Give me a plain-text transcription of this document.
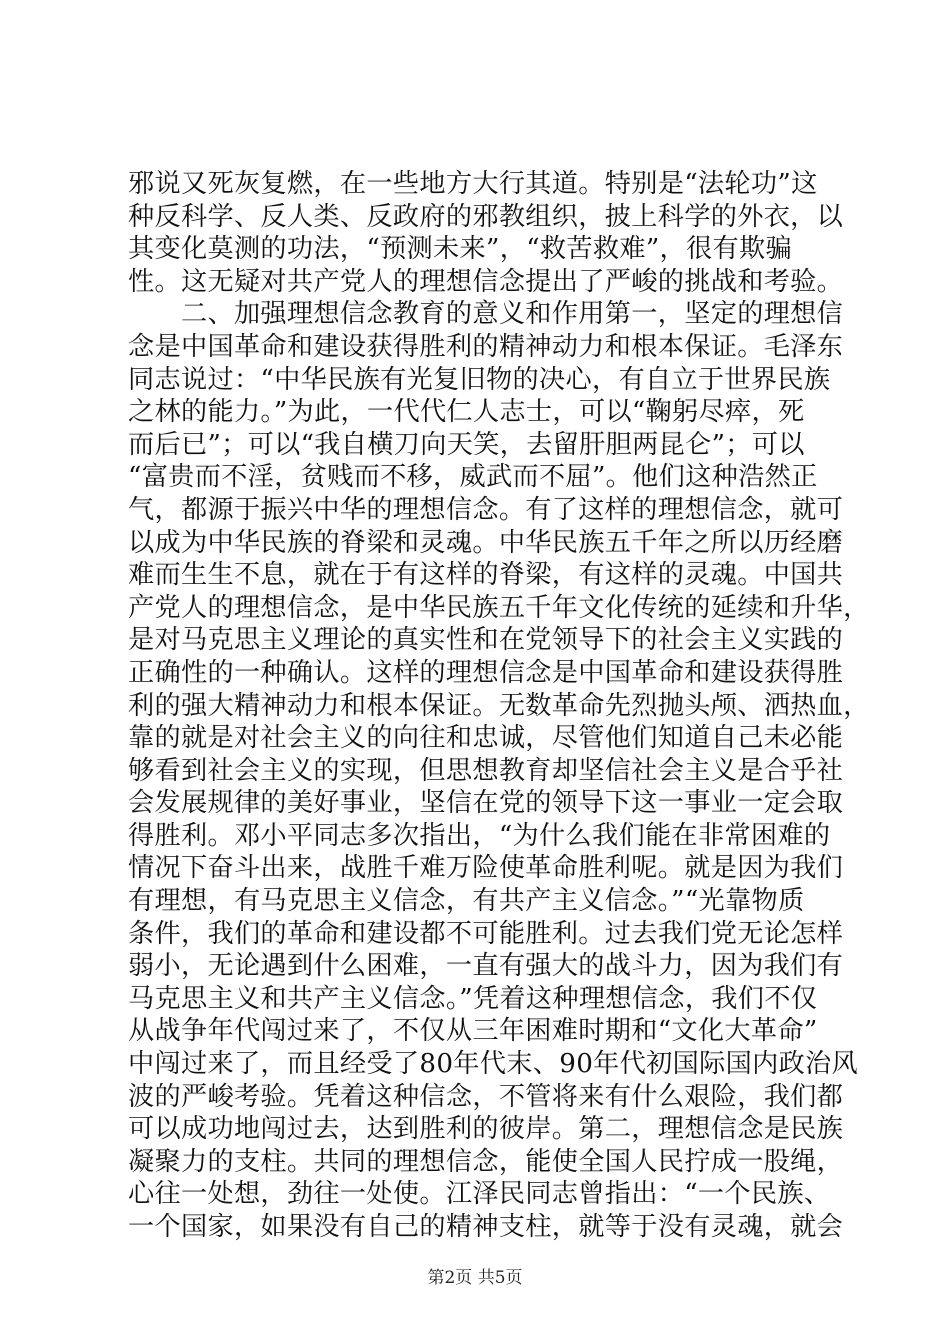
邪说又死灰复燃，在一些地方大行其道。特别是“法轮功”这
种反科学、反人类、反政府的邪教组织，披上科学的外衣，以
其变化莫测的功法，“预测未来”，“救苦救难”，很有欺骗
性。这无疑对共产党人的理想信念提出了严峻的挑战和考验。
　　二、加强理想信念教育的意义和作用第一，坚定的理想信
念是中国革命和建设获得胜利的精神动力和根本保证。毛泽东
同志说过：“中华民族有光复旧物的决心，有自立于世界民族
之林的能力。”为此，一代代仁人志士，可以“鞠躬尽瘁，死
而后已”；可以“我自横刀向天笑，去留肝胆两昆仑”；可以
“富贵而不淫，贫贱而不移，威武而不屈”。他们这种浩然正
气，都源于振兴中华的理想信念。有了这样的理想信念，就可
以成为中华民族的脊梁和灵魂。中华民族五千年之所以历经磨
难而生生不息，就在于有这样的脊梁，有这样的灵魂。中国共
产党人的理想信念，是中华民族五千年文化传统的延续和升华，
是对马克思主义理论的真实性和在党领导下的社会主义实践的
正确性的一种确认。这样的理想信念是中国革命和建设获得胜
利的强大精神动力和根本保证。无数革命先烈抛头颅、洒热血，
靠的就是对社会主义的向往和忠诚，尽管他们知道自己未必能
够看到社会主义的实现，但思想教育却坚信社会主义是合乎社
会发展规律的美好事业，坚信在党的领导下这一事业一定会取
得胜利。邓小平同志多次指出，“为什么我们能在非常困难的
情况下奋斗出来，战胜千难万险使革命胜利呢。就是因为我们
有理想，有马克思主义信念，有共产主义信念。”“光靠物质
条件，我们的革命和建设都不可能胜利。过去我们党无论怎样
弱小，无论遇到什么困难，一直有强大的战斗力，因为我们有
马克思主义和共产主义信念。”凭着这种理想信念，我们不仅
从战争年代闯过来了，不仅从三年困难时期和“文化大革命”
中闯过来了，而且经受了80年代末、90年代初国际国内政治风
波的严峻考验。凭着这种信念，不管将来有什么艰险，我们都
可以成功地闯过去，达到胜利的彼岸。第二，理想信念是民族
凝聚力的支柱。共同的理想信念，能使全国人民拧成一股绳，
心往一处想，劲往一处使。江泽民同志曾指出：“一个民族、
一个国家，如果没有自己的精神支柱，就等于没有灵魂，就会
第2页 共5页
